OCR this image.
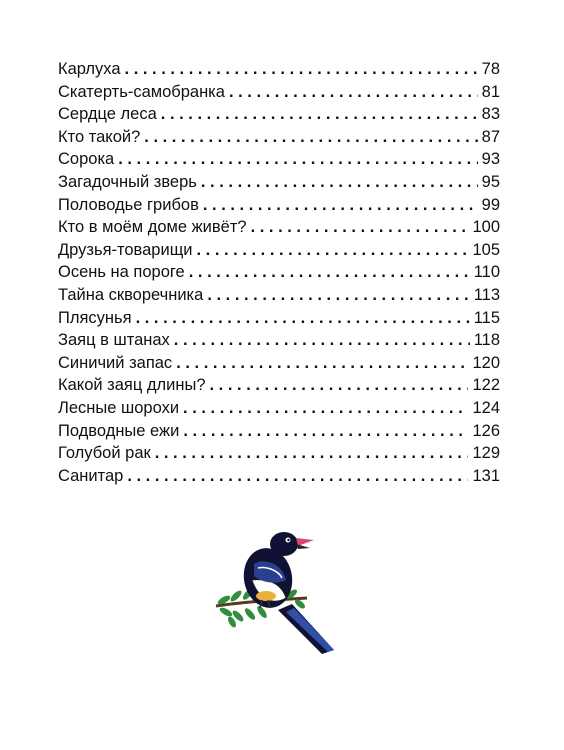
Карлуха . . .	78
Скатерть-самобранка . . .	81
Сердце леса . . .	83
Кто такой? . . .	87
Сорока . . .	93
Загадочный зверь . . .	95
Половодье грибов . . .	99
Кто в моём доме живёт? . . .	100
Друзья-товарищи . . .	105
Осень на пороге . . .	110
Тайна скворечника . . .	113
Плясунья . . .	115
Заяц в штанах . . .	118
Синичий запас . . .	120
Какой заяц длины? . . .	122
Лесные шорохи . . .	124
Подводные ежи . . .	126
Голубой рак . . .	129
Санитар . . .	131
